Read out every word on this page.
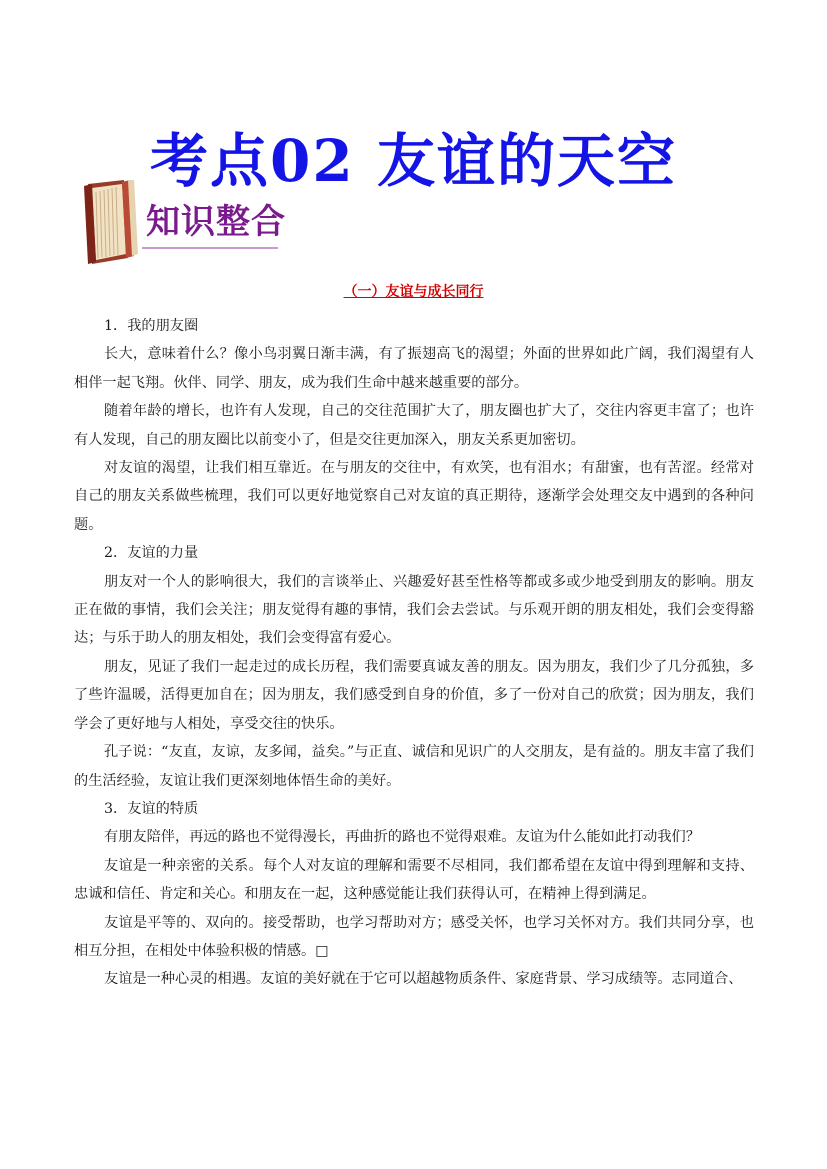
考点02 友谊的天空
知识整合
（一）友谊与成长同行

1．我的朋友圈

长大，意味着什么？像小鸟羽翼日渐丰满，有了振翅高飞的渴望；外面的世界如此广阔，我们渴望有人相伴一起飞翔。伙伴、同学、朋友，成为我们生命中越来越重要的部分。

随着年龄的增长，也许有人发现，自己的交往范围扩大了，朋友圈也扩大了，交往内容更丰富了；也许有人发现，自己的朋友圈比以前变小了，但是交往更加深入，朋友关系更加密切。

对友谊的渴望，让我们相互靠近。在与朋友的交往中，有欢笑，也有泪水；有甜蜜，也有苦涩。经常对自己的朋友关系做些梳理，我们可以更好地觉察自己对友谊的真正期待，逐渐学会处理交友中遇到的各种问题。

2．友谊的力量

朋友对一个人的影响很大，我们的言谈举止、兴趣爱好甚至性格等都或多或少地受到朋友的影响。朋友正在做的事情，我们会关注；朋友觉得有趣的事情，我们会去尝试。与乐观开朗的朋友相处，我们会变得豁达；与乐于助人的朋友相处，我们会变得富有爱心。

朋友，见证了我们一起走过的成长历程，我们需要真诚友善的朋友。因为朋友，我们少了几分孤独，多了些许温暖，活得更加自在；因为朋友，我们感受到自身的价值，多了一份对自己的欣赏；因为朋友，我们学会了更好地与人相处，享受交往的快乐。

孔子说：“友直，友谅，友多闻，益矣。”与正直、诚信和见识广的人交朋友，是有益的。朋友丰富了我们的生活经验，友谊让我们更深刻地体悟生命的美好。

3．友谊的特质

有朋友陪伴，再远的路也不觉得漫长，再曲折的路也不觉得艰难。友谊为什么能如此打动我们？

友谊是一种亲密的关系。每个人对友谊的理解和需要不尽相同，我们都希望在友谊中得到理解和支持、忠诚和信任、肯定和关心。和朋友在一起，这种感觉能让我们获得认可，在精神上得到满足。

友谊是平等的、双向的。接受帮助，也学习帮助对方；感受关怀，也学习关怀对方。我们共同分享，也相互分担，在相处中体验积极的情感。□

友谊是一种心灵的相遇。友谊的美好就在于它可以超越物质条件、家庭背景、学习成绩等。志同道合、
